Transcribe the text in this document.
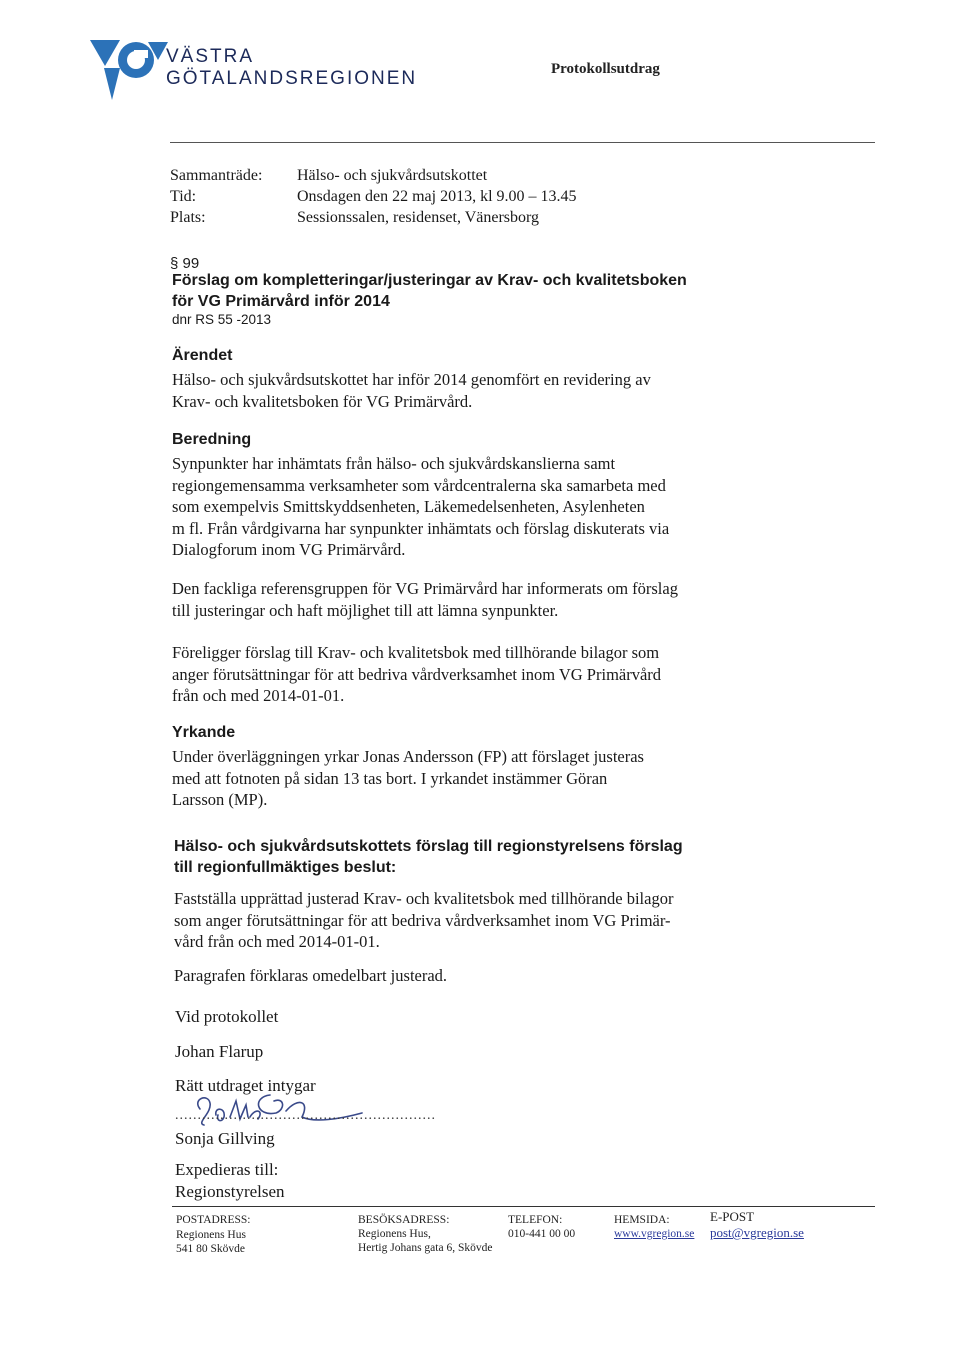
VÄSTRA
GÖTALANDSREGIONEN	Protokollsutdrag
Sammanträde: Hälso- och sjukvårdsutskottet
Tid:	Onsdagen den 22 maj 2013, kl 9.00 – 13.45
Plats:	Sessionssalen, residenset, Vänersborg
§ 99
Förslag om kompletteringar/justeringar av Krav- och kvalitetsboken
för VG Primärvård inför 2014
dnr RS 55 -2013
Ärendet
Hälso- och sjukvårdsutskottet har inför 2014 genomfört en revidering av
Krav- och kvalitetsboken för VG Primärvård.
Beredning
Synpunkter har inhämtats från hälso- och sjukvårdskanslierna samt
regiongemensamma verksamheter som vårdcentralerna ska samarbeta med
som exempelvis Smittskyddsenheten, Läkemedelsenheten, Asylenheten
m fl. Från vårdgivarna har synpunkter inhämtats och förslag diskuterats via
Dialogforum inom VG Primärvård.
Den fackliga referensgruppen för VG Primärvård har informerats om förslag
till justeringar och haft möjlighet till att lämna synpunkter.
Föreligger förslag till Krav- och kvalitetsbok med tillhörande bilagor som
anger förutsättningar för att bedriva vårdverksamhet inom VG Primärvård
från och med 2014-01-01.
Yrkande
Under överläggningen yrkar Jonas Andersson (FP) att förslaget justeras
med att fotnoten på sidan 13 tas bort. I yrkandet instämmer Göran
Larsson (MP).
Hälso- och sjukvårdsutskottets förslag till regionstyrelsens förslag
till regionfullmäktiges beslut:
Fastställa upprättad justerad Krav- och kvalitetsbok med tillhörande bilagor
som anger förutsättningar för att bedriva vårdverksamhet inom VG Primär-
vård från och med 2014-01-01.
Paragrafen förklaras omedelbart justerad.
Vid protokollet
Johan Flarup
Rätt utdraget intygar
..........................................................
Sonja Gillving
Expedieras till:
Regionstyrelsen
POSTADRESS:
Regionens Hus
541 80 Skövde
BESÖKSADRESS:
Regionens Hus,
Hertig Johans gata 6, Skövde
TELEFON:
010-441 00 00
HEMSIDA:
www.vgregion.se
E-POST
post@vgregion.se
